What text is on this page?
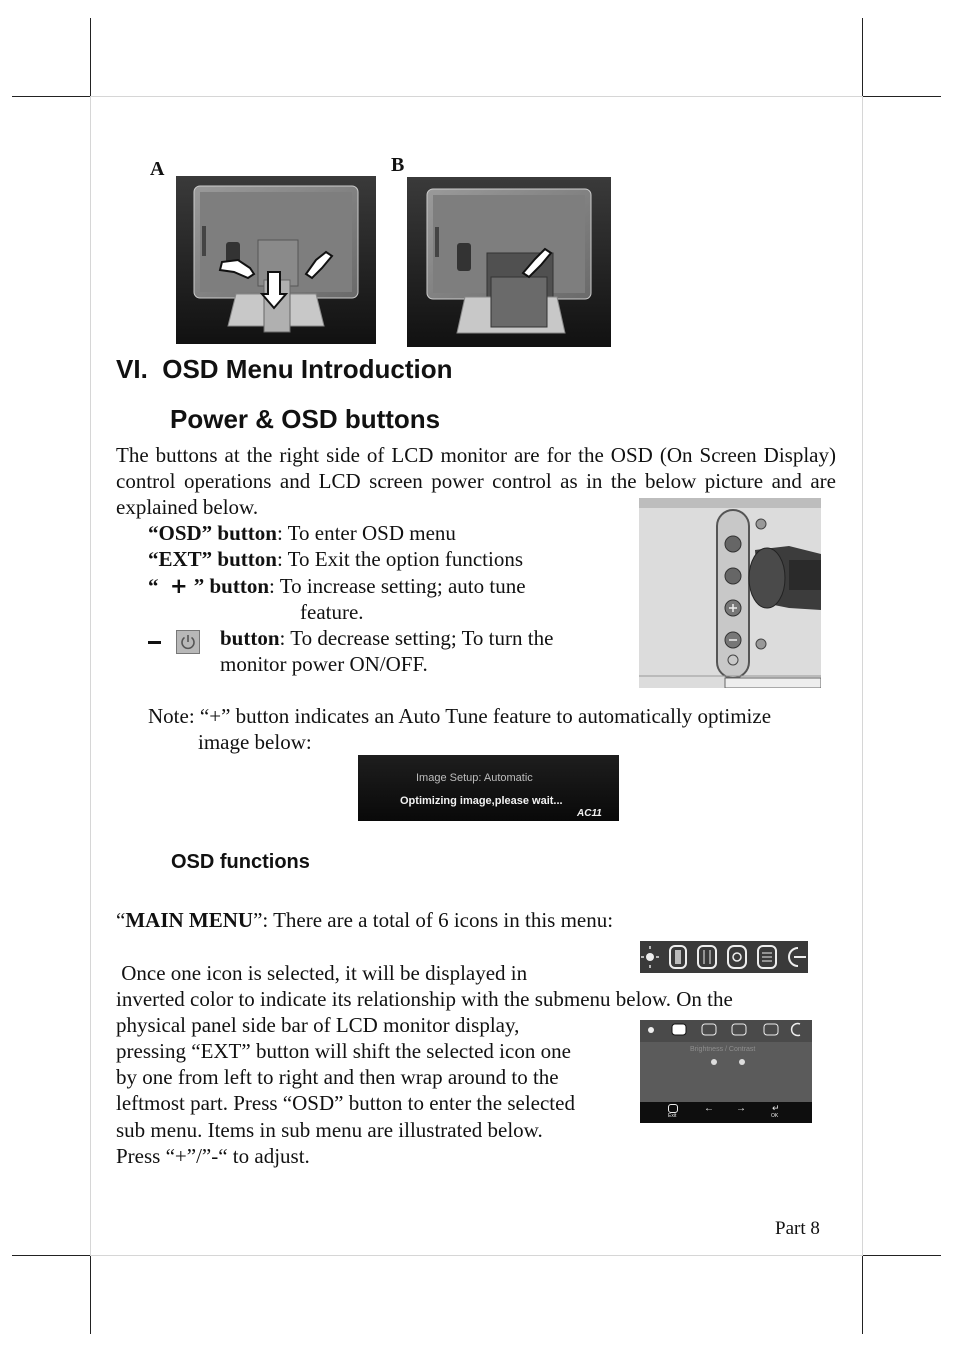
A	B
VI.  OSD Menu Introduction
Power & OSD buttons
The buttons at the right side of LCD monitor are for the OSD (On Screen Display) control operations and LCD screen power control as in the below picture and are explained below.
“OSD” button: To enter OSD menu
“EXT” button: To Exit the option functions
“ + ” button: To increase setting; auto tune
feature.
button: To decrease setting; To turn the
monitor power ON/OFF.
Note: “+” button indicates an Auto Tune feature to automatically optimize
image below:
Image Setup: Automatic
Optimizing image,please wait...
AC11
OSD functions
“MAIN MENU”: There are a total of 6 icons in this menu:
Once one icon is selected, it will be displayed in
inverted color to indicate its relationship with the submenu below. On the
physical panel side bar of LCD monitor display,
pressing “EXT” button will shift the selected icon one
by one from left to right and then wrap around to the
leftmost part. Press “OSD” button to enter the selected
sub menu. Items in sub menu are illustrated below.
Press “+”/”-“ to adjust.
Brightness / Contrast
Exit
← →	↵
OK
Part 8
